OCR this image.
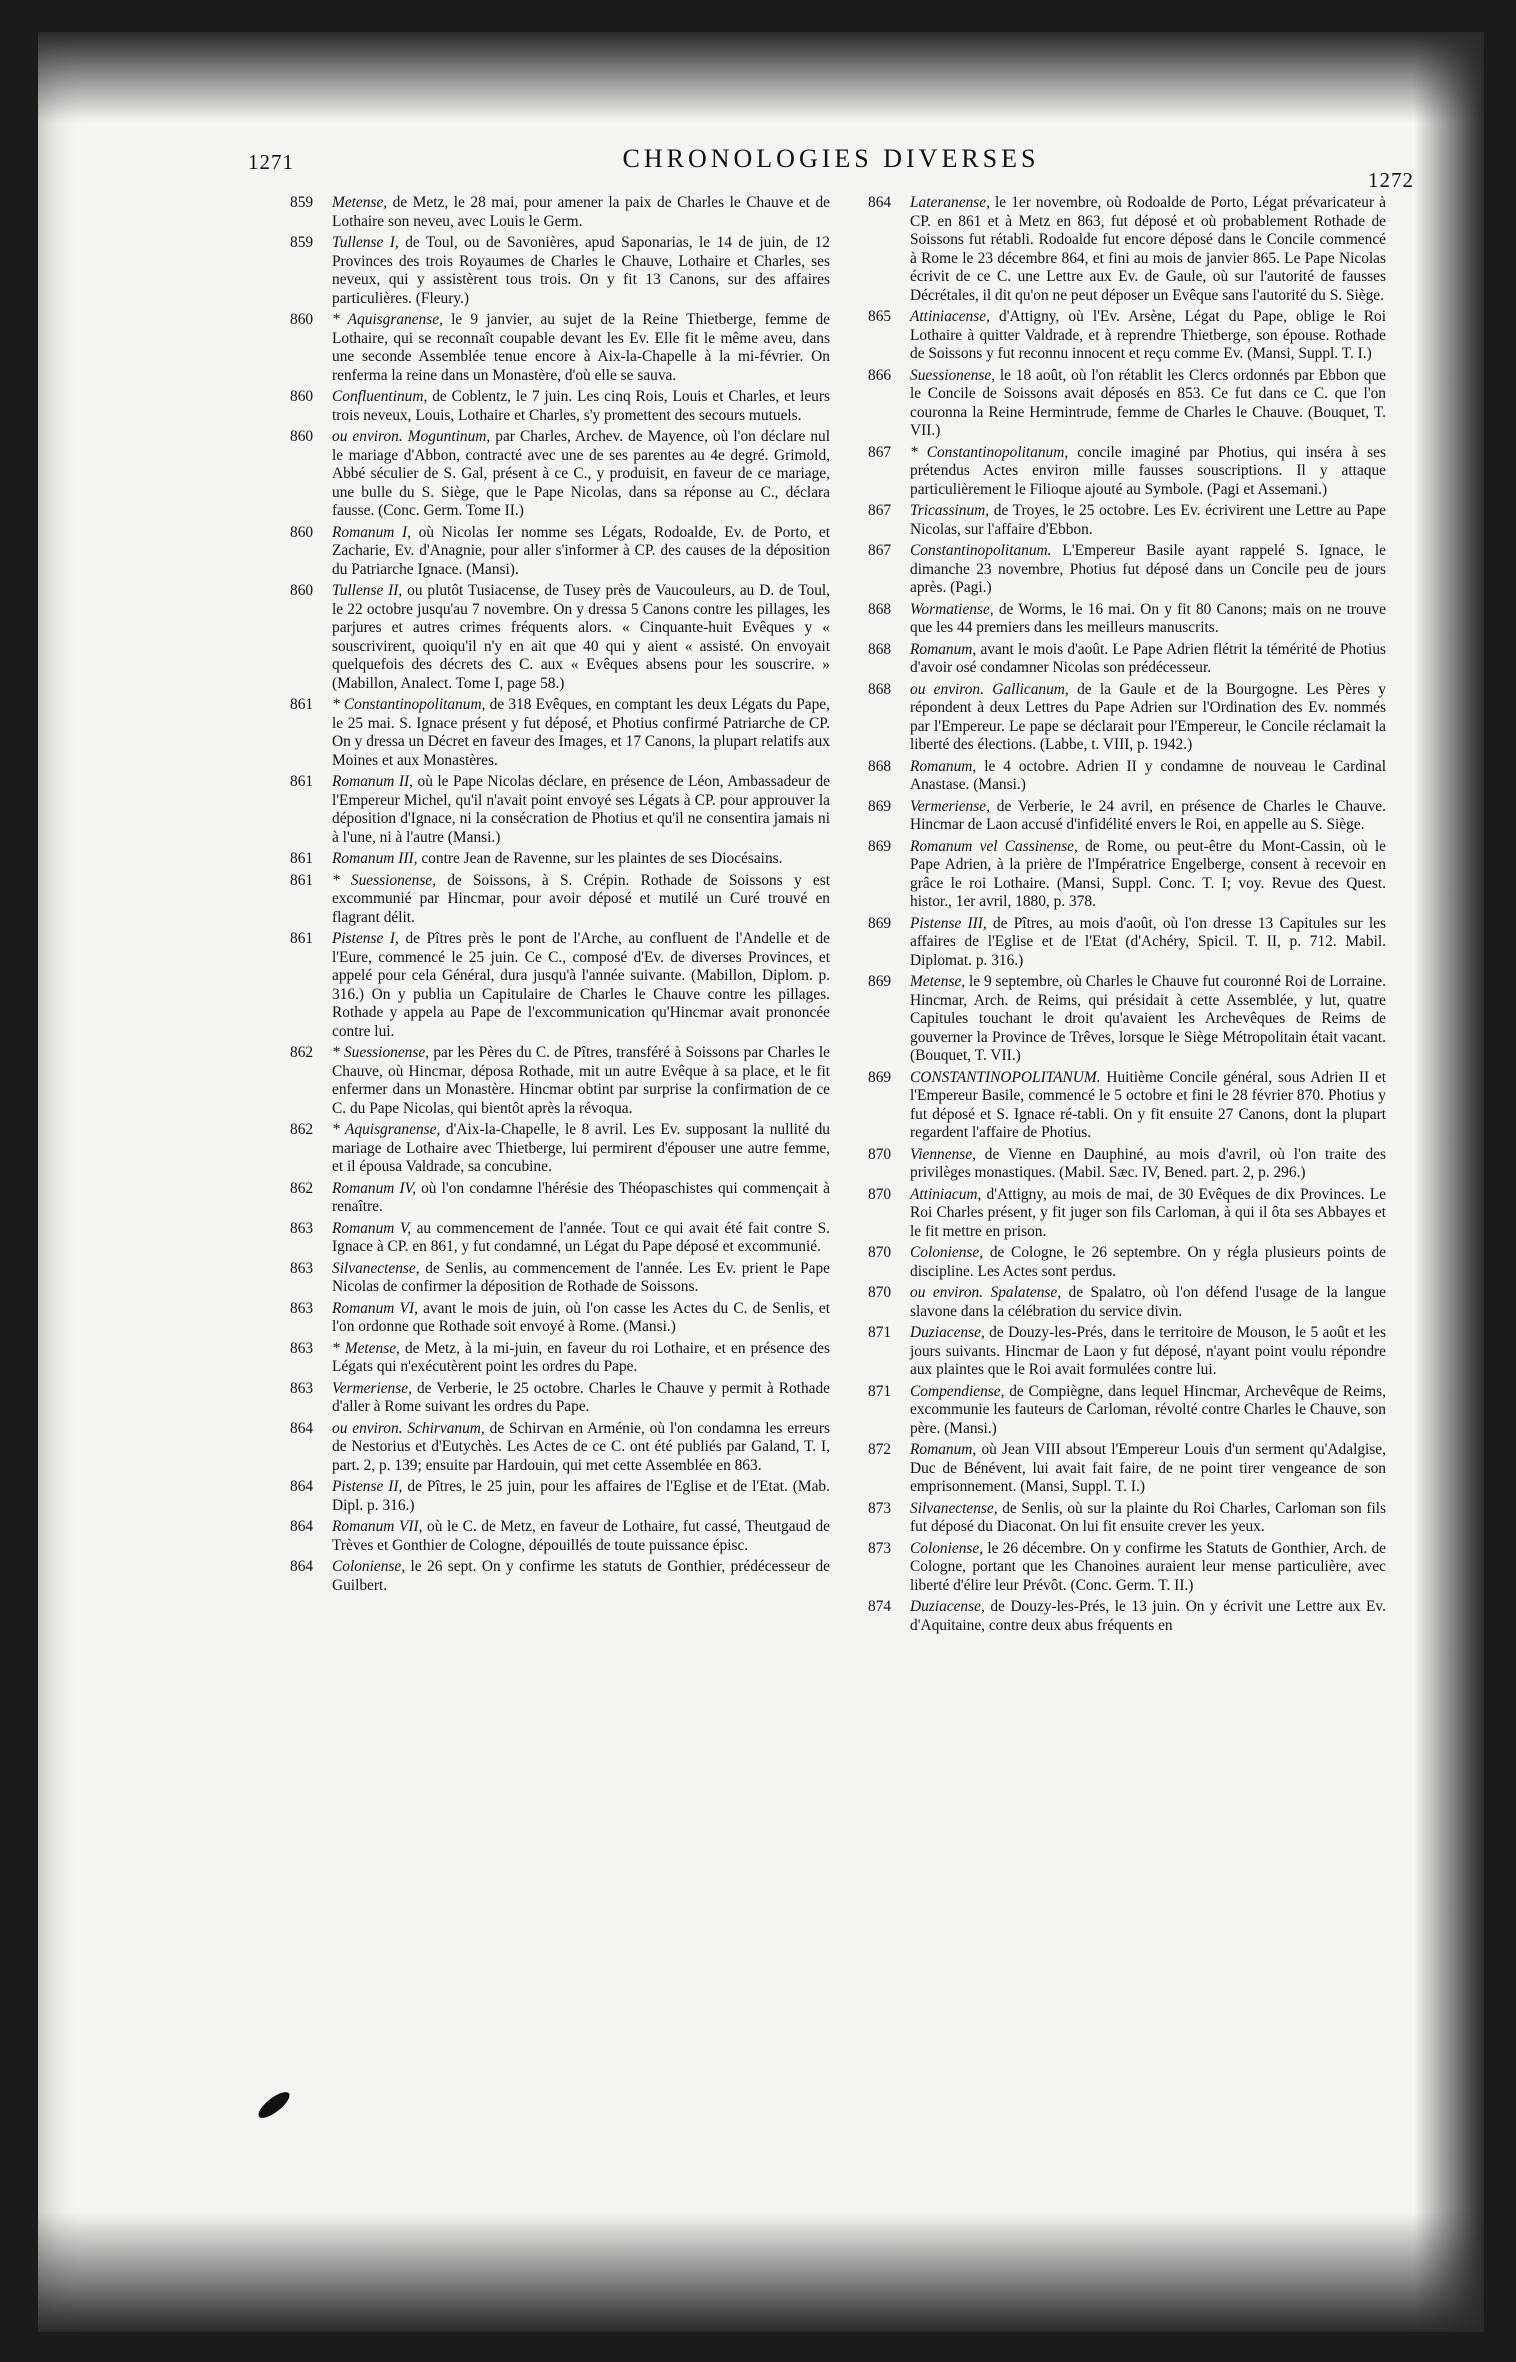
1271	CHRONOLOGIES DIVERSES
1272
859 Metense, de Metz, le 28 mai, pour amener la paix de Charles le Chauve et de Lothaire son neveu, avec Louis le Germ.
859 Tullense I, de Toul, ou de Savonières, apud Saponarias, le 14 de juin, de 12 Provinces des trois Royaumes de Charles le Chauve, Lothaire et Charles, ses neveux, qui y assistèrent tous trois. On y fit 13 Canons, sur des affaires particulières. (Fleury.)
860 * Aquisgranense, le 9 janvier, au sujet de la Reine Thietberge, femme de Lothaire, qui se reconnaît coupable devant les Ev. Elle fit le même aveu, dans une seconde Assemblée tenue encore à Aix-la-Chapelle à la mi-février. On renferma la reine dans un Monastère, d'où elle se sauva.
860 Confluentinum, de Coblentz, le 7 juin. Les cinq Rois, Louis et Charles, et leurs trois neveux, Louis, Lothaire et Charles, s'y promettent des secours mutuels.
860 ou environ. Moguntinum, par Charles, Archev. de Mayence, où l'on déclare nul le mariage d'Abbon, contracté avec une de ses parentes au 4e degré. Grimold, Abbé séculier de S. Gal, présent à ce C., y produisit, en faveur de ce mariage, une bulle du S. Siège, que le Pape Nicolas, dans sa réponse au C., déclara fausse. (Conc. Germ. Tome II.)
860 Romanum I, où Nicolas Ier nomme ses Légats, Rodoalde, Ev. de Porto, et Zacharie, Ev. d'Anagnie, pour aller s'informer à CP. des causes de la déposition du Patriarche Ignace. (Mansi).
860 Tullense II, ou plutôt Tusiacense, de Tusey près de Vaucouleurs, au D. de Toul, le 22 octobre jusqu'au 7 novembre. On y dressa 5 Canons contre les pillages, les parjures et autres crimes fréquents alors. « Cinquante-huit Evêques y « souscrivirent, quoiqu'il n'y en ait que 40 qui y aient « assisté. On envoyait quelquefois des décrets des C. aux « Evêques absens pour les souscrire. » (Mabillon, Analect. Tome I, page 58.)
861 * Constantinopolitanum, de 318 Evêques, en comptant les deux Légats du Pape, le 25 mai. S. Ignace présent y fut déposé, et Photius confirmé Patriarche de CP. On y dressa un Décret en faveur des Images, et 17 Canons, la plupart relatifs aux Moines et aux Monastères.
861 Romanum II, où le Pape Nicolas déclare, en présence de Léon, Ambassadeur de l'Empereur Michel, qu'il n'avait point envoyé ses Légats à CP. pour approuver la déposition d'Ignace, ni la consécration de Photius et qu'il ne consentira jamais ni à l'une, ni à l'autre (Mansi.)
861 Romanum III, contre Jean de Ravenne, sur les plaintes de ses Diocésains.
861 * Suessionense, de Soissons, à S. Crépin. Rothade de Soissons y est excommunié par Hincmar, pour avoir déposé et mutilé un Curé trouvé en flagrant délit.
861 Pistense I, de Pîtres près le pont de l'Arche, au confluent de l'Andelle et de l'Eure, commencé le 25 juin. Ce C., composé d'Ev. de diverses Provinces, et appelé pour cela Général, dura jusqu'à l'année suivante. (Mabillon, Diplom. p. 316.) On y publia un Capitulaire de Charles le Chauve contre les pillages. Rothade y appela au Pape de l'excommunication qu'Hincmar avait prononcée contre lui.
862 * Suessionense, par les Pères du C. de Pîtres, transféré à Soissons par Charles le Chauve, où Hincmar, déposa Rothade, mit un autre Evêque à sa place, et le fit enfermer dans un Monastère. Hincmar obtint par surprise la confirmation de ce C. du Pape Nicolas, qui bientôt après la révoqua.
862 * Aquisgranense, d'Aix-la-Chapelle, le 8 avril. Les Ev. supposant la nullité du mariage de Lothaire avec Thietberge, lui permirent d'épouser une autre femme, et il épousa Valdrade, sa concubine.
862 Romanum IV, où l'on condamne l'hérésie des Théopaschistes qui commençait à renaître.
863 Romanum V, au commencement de l'année. Tout ce qui avait été fait contre S. Ignace à CP. en 861, y fut condamné, un Légat du Pape déposé et excommunié.
863 Silvanectense, de Senlis, au commencement de l'année. Les Ev. prient le Pape Nicolas de confirmer la déposition de Rothade de Soissons.
863 Romanum VI, avant le mois de juin, où l'on casse les Actes du C. de Senlis, et l'on ordonne que Rothade soit envoyé à Rome. (Mansi.)
863 * Metense, de Metz, à la mi-juin, en faveur du roi Lothaire, et en présence des Légats qui n'exécutèrent point les ordres du Pape.
863 Vermeriense, de Verberie, le 25 octobre. Charles le Chauve y permit à Rothade d'aller à Rome suivant les ordres du Pape.
864 ou environ. Schirvanum, de Schirvan en Arménie, où l'on condamna les erreurs de Nestorius et d'Eutychès. Les Actes de ce C. ont été publiés par Galand, T. I, part. 2, p. 139; ensuite par Hardouin, qui met cette Assemblée en 863.
864 Pistense II, de Pîtres, le 25 juin, pour les affaires de l'Eglise et de l'Etat. (Mab. Dipl. p. 316.)
864 Romanum VII, où le C. de Metz, en faveur de Lothaire, fut cassé, Theutgaud de Trèves et Gonthier de Cologne, dépouillés de toute puissance épisc.
864 Coloniense, le 26 sept. On y confirme les statuts de Gonthier, prédécesseur de Guilbert.
864 Lateranense, le 1er novembre, où Rodoalde de Porto, Légat prévaricateur à CP. en 861 et à Metz en 863, fut déposé et où probablement Rothade de Soissons fut rétabli. Rodoalde fut encore déposé dans le Concile commencé à Rome le 23 décembre 864, et fini au mois de janvier 865. Le Pape Nicolas écrivit de ce C. une Lettre aux Ev. de Gaule, où sur l'autorité de fausses Décrétales, il dit qu'on ne peut déposer un Evêque sans l'autorité du S. Siège.
865 Attiniacense, d'Attigny, où l'Ev. Arsène, Légat du Pape, oblige le Roi Lothaire à quitter Valdrade, et à reprendre Thietberge, son épouse. Rothade de Soissons y fut reconnu innocent et reçu comme Ev. (Mansi, Suppl. T. I.)
866 Suessionense, le 18 août, où l'on rétablit les Clercs ordonnés par Ebbon que le Concile de Soissons avait déposés en 853. Ce fut dans ce C. que l'on couronna la Reine Hermintrude, femme de Charles le Chauve. (Bouquet, T. VII.)
867 * Constantinopolitanum, concile imaginé par Photius, qui inséra à ses prétendus Actes environ mille fausses souscriptions. Il y attaque particulièrement le Filioque ajouté au Symbole. (Pagi et Assemani.)
867 Tricassinum, de Troyes, le 25 octobre. Les Ev. écrivirent une Lettre au Pape Nicolas, sur l'affaire d'Ebbon.
867 Constantinopolitanum. L'Empereur Basile ayant rappelé S. Ignace, le dimanche 23 novembre, Photius fut déposé dans un Concile peu de jours après. (Pagi.)
868 Wormatiense, de Worms, le 16 mai. On y fit 80 Canons; mais on ne trouve que les 44 premiers dans les meilleurs manuscrits.
868 Romanum, avant le mois d'août. Le Pape Adrien flétrit la témérité de Photius d'avoir osé condamner Nicolas son prédécesseur.
868 ou environ. Gallicanum, de la Gaule et de la Bourgogne. Les Pères y répondent à deux Lettres du Pape Adrien sur l'Ordination des Ev. nommés par l'Empereur. Le pape se déclarait pour l'Empereur, le Concile réclamait la liberté des élections. (Labbe, t. VIII, p. 1942.)
868 Romanum, le 4 octobre. Adrien II y condamne de nouveau le Cardinal Anastase. (Mansi.)
869 Vermeriense, de Verberie, le 24 avril, en présence de Charles le Chauve. Hincmar de Laon accusé d'infidélité envers le Roi, en appelle au S. Siège.
869 Romanum vel Cassinense, de Rome, ou peut-être du Mont-Cassin, où le Pape Adrien, à la prière de l'Impératrice Engelberge, consent à recevoir en grâce le roi Lothaire. (Mansi, Suppl. Conc. T. I; voy. Revue des Quest. histor., 1er avril, 1880, p. 378.
869 Pistense III, de Pîtres, au mois d'août, où l'on dresse 13 Capitules sur les affaires de l'Eglise et de l'Etat (d'Achéry, Spicil. T. II, p. 712. Mabil. Diplomat. p. 316.)
869 Metense, le 9 septembre, où Charles le Chauve fut couronné Roi de Lorraine. Hincmar, Arch. de Reims, qui présidait à cette Assemblée, y lut, quatre Capitules touchant le droit qu'avaient les Archevêques de Reims de gouverner la Province de Trêves, lorsque le Siège Métropolitain était vacant. (Bouquet, T. VII.)
869 CONSTANTINOPOLITANUM. Huitième Concile général, sous Adrien II et l'Empereur Basile, commencé le 5 octobre et fini le 28 février 870. Photius y fut déposé et S. Ignace ré-tabli. On y fit ensuite 27 Canons, dont la plupart regardent l'affaire de Photius.
870 Viennense, de Vienne en Dauphiné, au mois d'avril, où l'on traite des privilèges monastiques. (Mabil. Sæc. IV, Bened. part. 2, p. 296.)
870 Attiniacum, d'Attigny, au mois de mai, de 30 Evêques de dix Provinces. Le Roi Charles présent, y fit juger son fils Carloman, à qui il ôta ses Abbayes et le fit mettre en prison.
870 Coloniense, de Cologne, le 26 septembre. On y régla plusieurs points de discipline. Les Actes sont perdus.
870 ou environ. Spalatense, de Spalatro, où l'on défend l'usage de la langue slavone dans la célébration du service divin.
871 Duziacense, de Douzy-les-Prés, dans le territoire de Mouson, le 5 août et les jours suivants. Hincmar de Laon y fut déposé, n'ayant point voulu répondre aux plaintes que le Roi avait formulées contre lui.
871 Compendiense, de Compiègne, dans lequel Hincmar, Archevêque de Reims, excommunie les fauteurs de Carloman, révolté contre Charles le Chauve, son père. (Mansi.)
872 Romanum, où Jean VIII absout l'Empereur Louis d'un serment qu'Adalgise, Duc de Bénévent, lui avait fait faire, de ne point tirer vengeance de son emprisonnement. (Mansi, Suppl. T. I.)
873 Silvanectense, de Senlis, où sur la plainte du Roi Charles, Carloman son fils fut déposé du Diaconat. On lui fit ensuite crever les yeux.
873 Coloniense, le 26 décembre. On y confirme les Statuts de Gonthier, Arch. de Cologne, portant que les Chanoines auraient leur mense particulière, avec liberté d'élire leur Prévôt. (Conc. Germ. T. II.)
874 Duziacense, de Douzy-les-Prés, le 13 juin. On y écrivit une Lettre aux Ev. d'Aquitaine, contre deux abus fréquents en
